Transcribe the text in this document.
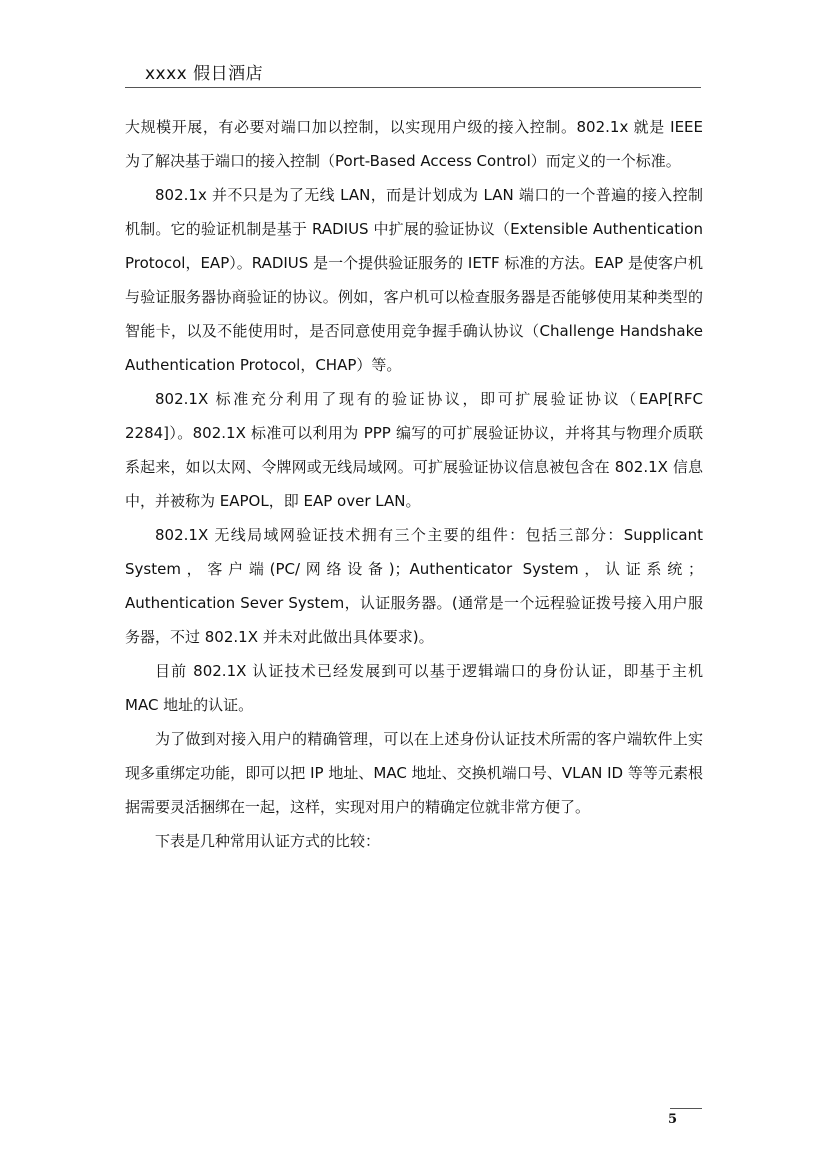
xxxx 假日酒店

大规模开展，有必要对端口加以控制，以实现用户级的接入控制。802.1x 就是 IEEE 为了解决基于端口的接入控制（Port-Based Access Control）而定义的一个标准。

802.1x 并不只是为了无线 LAN，而是计划成为 LAN 端口的一个普遍的接入控制机制。它的验证机制是基于 RADIUS 中扩展的验证协议（Extensible Authentication Protocol，EAP）。RADIUS 是一个提供验证服务的 IETF 标准的方法。EAP 是使客户机与验证服务器协商验证的协议。例如，客户机可以检查服务器是否能够使用某种类型的智能卡，以及不能使用时，是否同意使用竞争握手确认协议（Challenge Handshake Authentication Protocol，CHAP）等。

802.1X 标准充分利用了现有的验证协议，即可扩展验证协议（EAP[RFC 2284]）。802.1X 标准可以利用为 PPP 编写的可扩展验证协议，并将其与物理介质联系起来，如以太网、令牌网或无线局域网。可扩展验证协议信息被包含在 802.1X 信息中，并被称为 EAPOL，即 EAP over LAN。

802.1X 无线局域网验证技术拥有三个主要的组件：包括三部分：Supplicant System，客户端(PC/网络设备)；Authenticator System，认证系统；Authentication Sever System，认证服务器。(通常是一个远程验证拨号接入用户服务器，不过 802.1X 并未对此做出具体要求)。

目前 802.1X 认证技术已经发展到可以基于逻辑端口的身份认证，即基于主机 MAC 地址的认证。

为了做到对接入用户的精确管理，可以在上述身份认证技术所需的客户端软件上实现多重绑定功能，即可以把 IP 地址、MAC 地址、交换机端口号、VLAN ID 等等元素根据需要灵活捆绑在一起，这样，实现对用户的精确定位就非常方便了。

下表是几种常用认证方式的比较：

5
